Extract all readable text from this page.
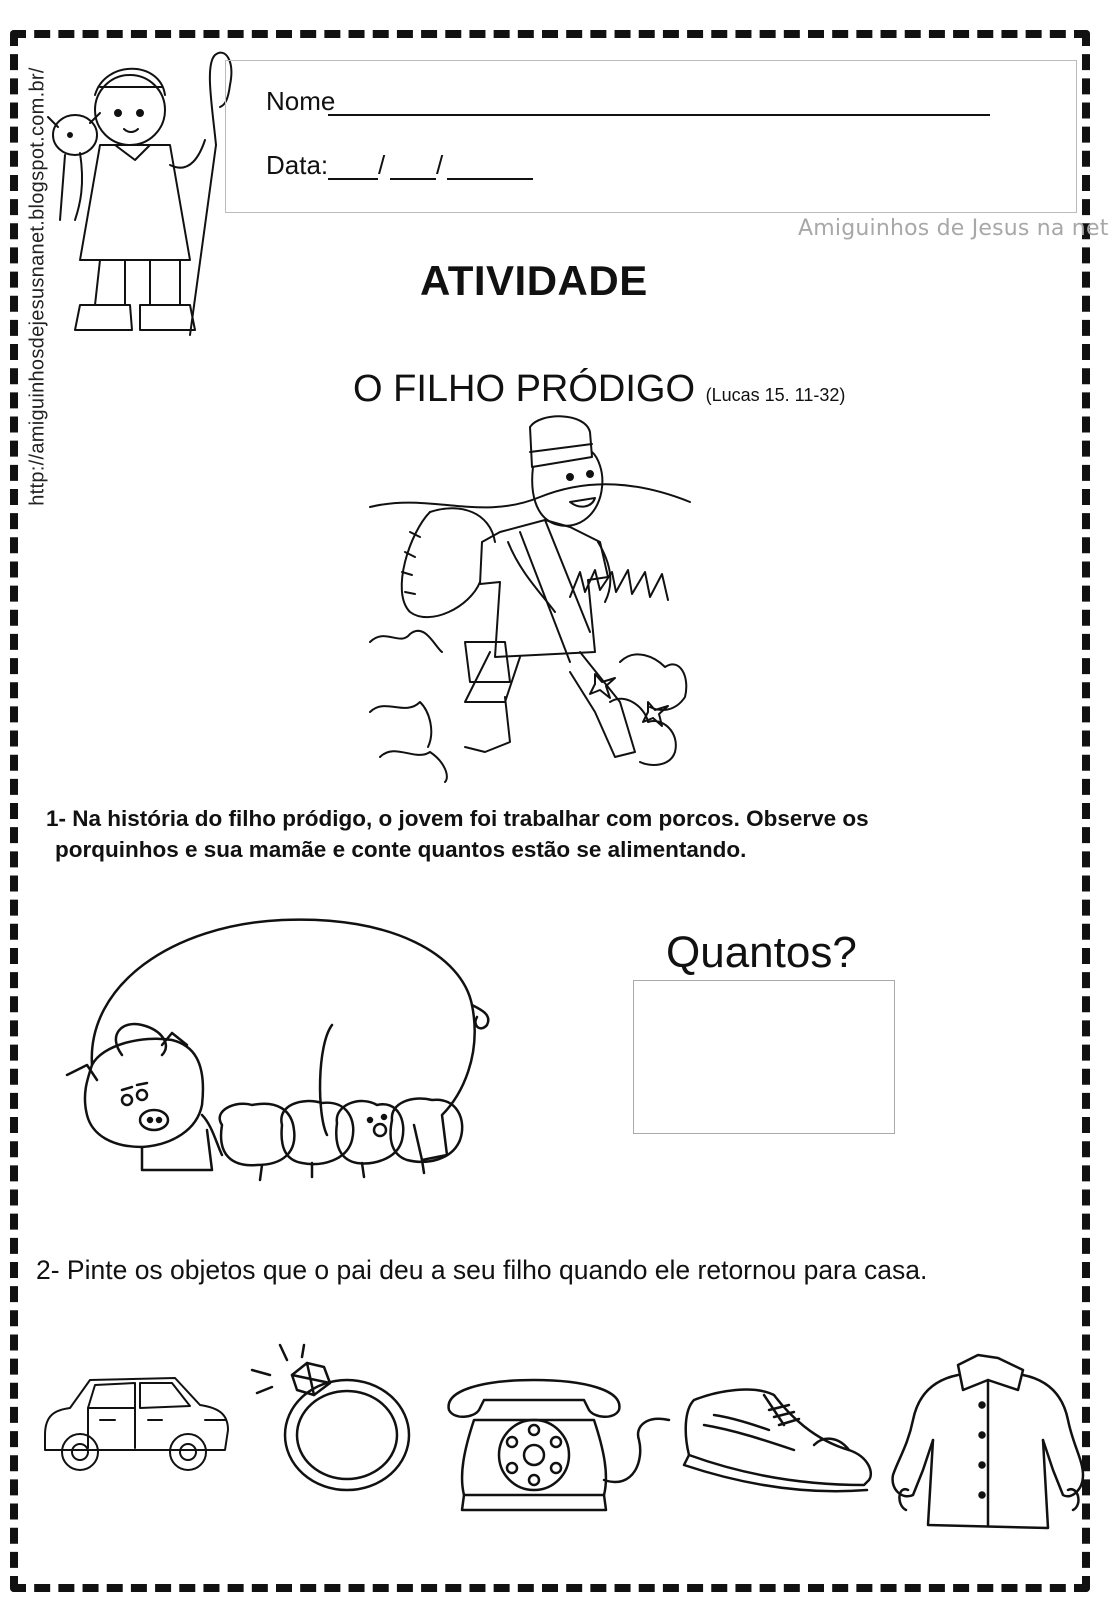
http://amiguinhosdejesusnanet.blogspot.com.br/	Nome
Data: / /
Amiguinhos de Jesus na net
ATIVIDADE
O FILHO PRÓDIGO (Lucas 15. 11-32)
1- Na história do filho pródigo, o jovem foi trabalhar com porcos. Observe os
porquinhos e sua mamãe e conte quantos estão se alimentando.
Quantos?
2- Pinte os objetos que o pai deu a seu filho quando ele retornou para casa.
